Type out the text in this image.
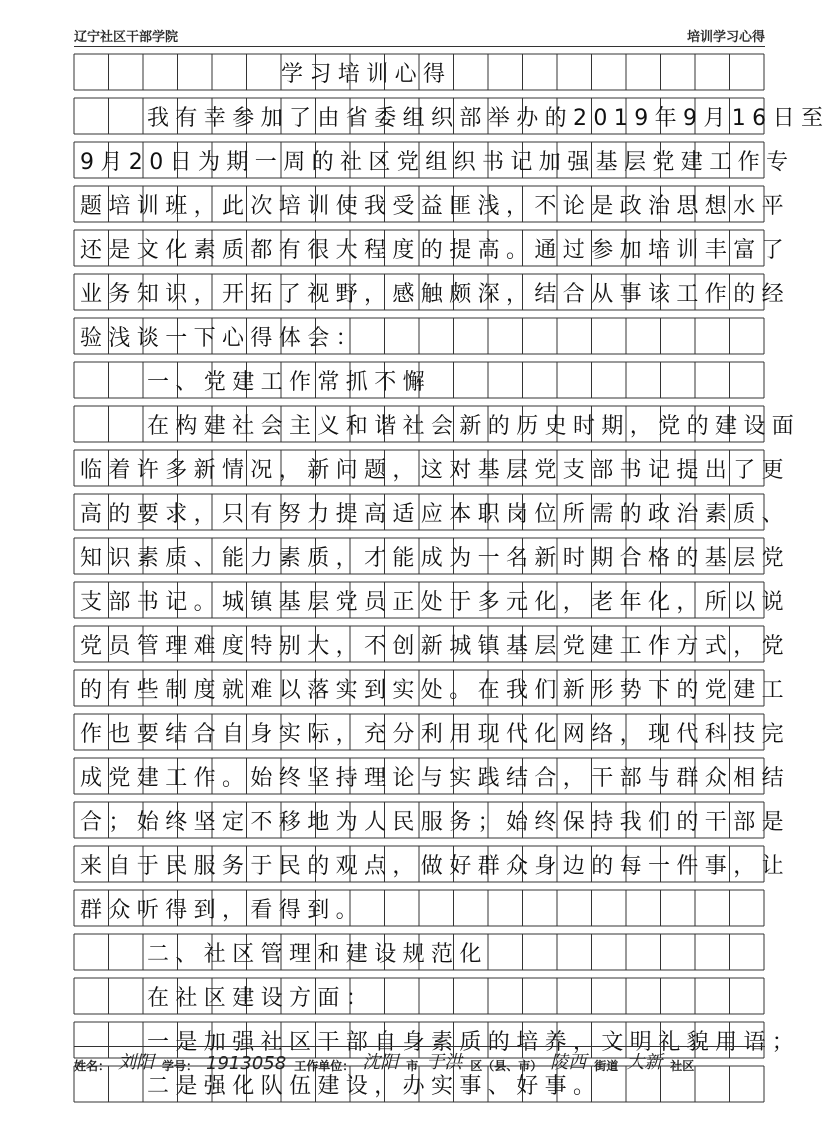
辽宁社区干部学院	培训学习心得
学习培训心得
我有幸参加了由省委组织部举办的2019年9月16日至
9月20日为期一周的社区党组织书记加强基层党建工作专
题培训班，此次培训使我受益匪浅，不论是政治思想水平
还是文化素质都有很大程度的提高。通过参加培训丰富了
业务知识，开拓了视野，感触颇深，结合从事该工作的经
验浅谈一下心得体会：
一、党建工作常抓不懈
在构建社会主义和谐社会新的历史时期，党的建设面
临着许多新情况，新问题，这对基层党支部书记提出了更
高的要求，只有努力提高适应本职岗位所需的政治素质、
知识素质、能力素质，才能成为一名新时期合格的基层党
支部书记。城镇基层党员正处于多元化，老年化，所以说
党员管理难度特别大，不创新城镇基层党建工作方式，党
的有些制度就难以落实到实处。在我们新形势下的党建工
作也要结合自身实际，充分利用现代化网络，现代科技完
成党建工作。始终坚持理论与实践结合，干部与群众相结
合；始终坚定不移地为人民服务；始终保持我们的干部是
来自于民服务于民的观点，做好群众身边的每一件事，让
群众听得到，看得到。
二、社区管理和建设规范化
在社区建设方面：
一是加强社区干部自身素质的培养，文明礼貌用语；
二是强化队伍建设，办实事、好事。
姓名： 刘阳 学号： 1913058 工作单位： 沈阳 市 于洪 区（县、市） 陵西 街道 大新 社区
